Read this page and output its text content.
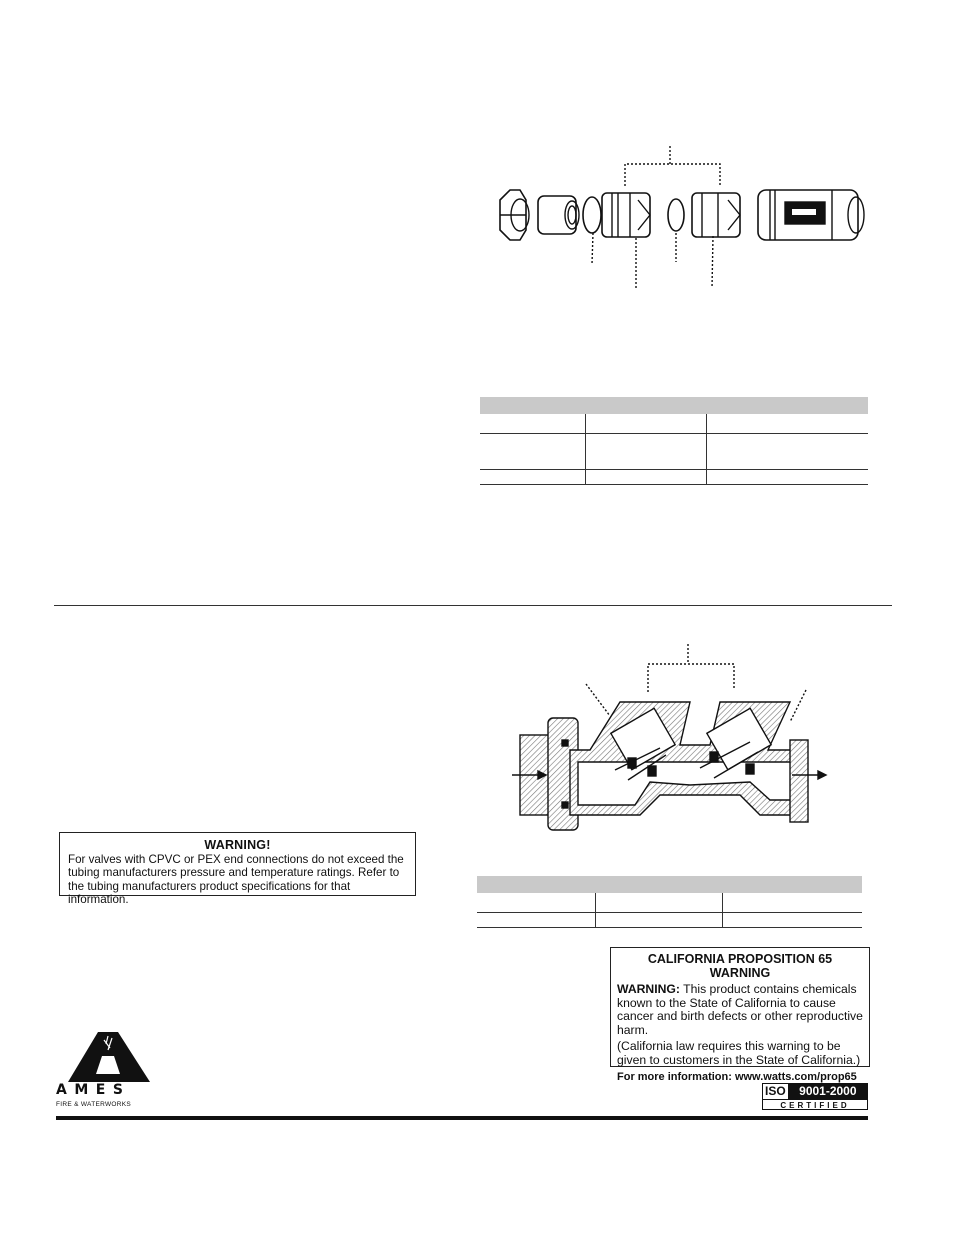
WARNING!
For valves with CPVC or PEX end connections do not exceed the tubing manufacturers pressure and temperature ratings. Refer to the tubing manufacturers product specifications for that information.

CALIFORNIA PROPOSITION 65 WARNING
WARNING: This product contains chemicals known to the State of California to cause cancer and birth defects or other reproductive harm.
(California law requires this warning to be given to customers in the State of California.)
For more information: www.watts.com/prop65
AMES
FIRE & WATERWORKS
ISO	9001-2000
CERTIFIED
